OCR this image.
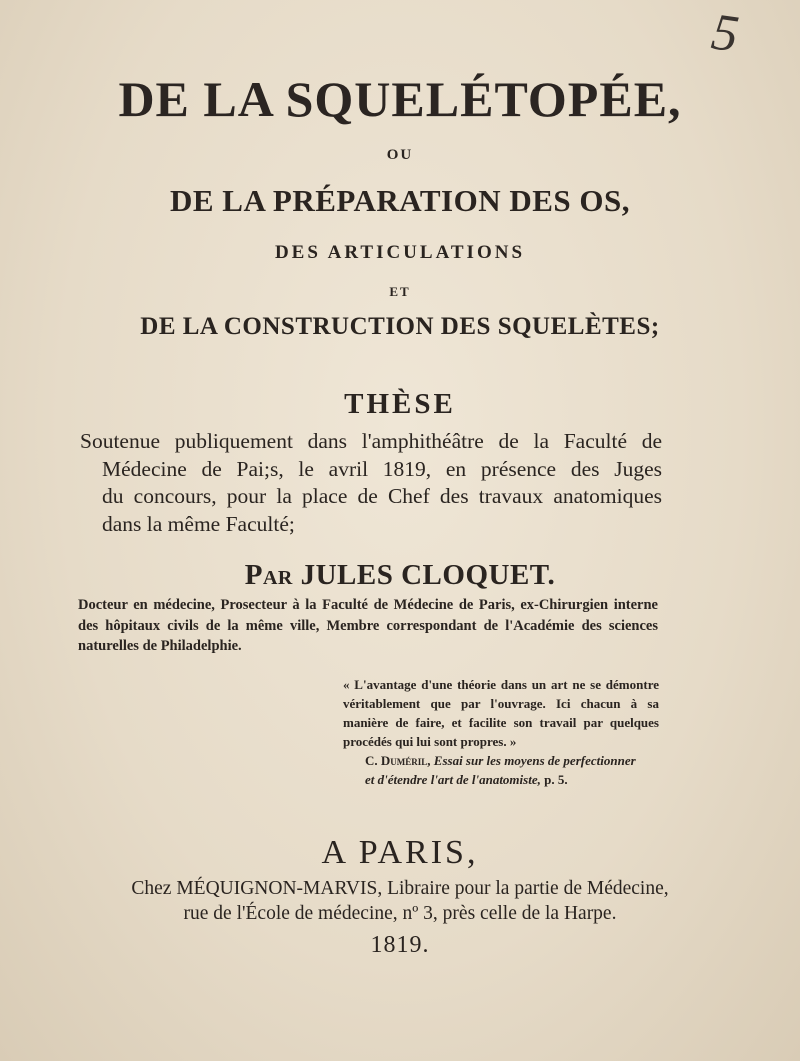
5
DE LA SQUELÉTOPÉE,
OU
DE LA PRÉPARATION DES OS,
DES ARTICULATIONS
ET
DE LA CONSTRUCTION DES SQUELÈTES;
THÈSE
Soutenue publiquement dans l'amphithéâtre de la Faculté de
Médecine de Pai;s, le avril 1819, en présence des Juges
du concours, pour la place de Chef des travaux anatomiques
dans la même Faculté;
Par JULES CLOQUET.
Docteur en médecine, Prosecteur à la Faculté de Médecine de Paris, ex-Chirurgien interne
des hôpitaux civils de la même ville, Membre correspondant de l'Académie des sciences
naturelles de Philadelphie.
« L'avantage d'une théorie dans un art ne se démontre
véritablement que par l'ouvrage. Ici chacun à sa
manière de faire, et facilite son travail par quelques
procédés qui lui sont propres. »
C. Duméril, Essai sur les moyens de perfectionner
et d'étendre l'art de l'anatomiste, p. 5.
A PARIS,
Chez MÉQUIGNON-MARVIS, Libraire pour la partie de Médecine,
rue de l'École de médecine, nº 3, près celle de la Harpe.
1819.
